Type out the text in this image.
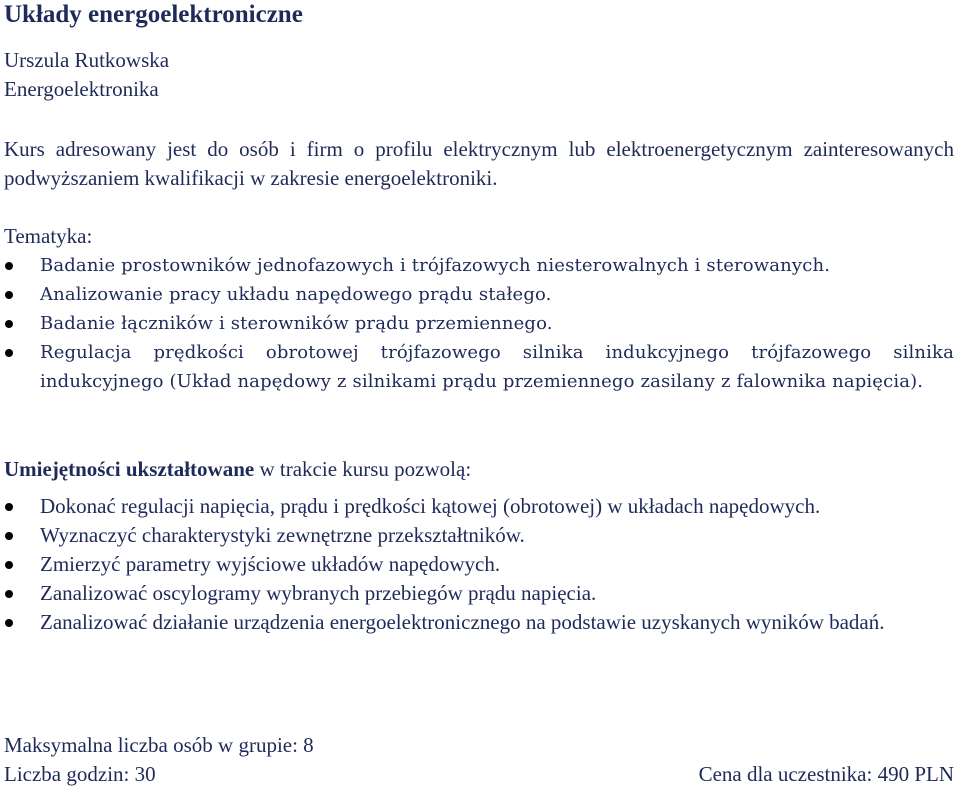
Układy energoelektroniczne
Urszula Rutkowska
Energoelektronika

Kurs adresowany jest do osób i firm o profilu elektrycznym lub elektroenergetycznym zainteresowanych podwyższaniem kwalifikacji w zakresie energoelektroniki.

Tematyka:
Badanie prostowników jednofazowych i trójfazowych niesterowalnych i sterowanych.
Analizowanie pracy układu napędowego prądu stałego.
Badanie łączników i sterowników prądu przemiennego.
Regulacja prędkości obrotowej trójfazowego silnika indukcyjnego trójfazowego silnika indukcyjnego (Układ napędowy z silnikami prądu przemiennego zasilany z falownika napięcia).
Umiejętności ukształtowane w trakcie kursu pozwolą:
Dokonać regulacji napięcia, prądu i prędkości kątowej (obrotowej) w układach napędowych.
Wyznaczyć charakterystyki zewnętrzne przekształtników.
Zmierzyć parametry wyjściowe układów napędowych.
Zanalizować oscylogramy wybranych przebiegów prądu napięcia.
Zanalizować działanie urządzenia energoelektronicznego na podstawie uzyskanych wyników badań.
Maksymalna liczba osób w grupie: 8
Liczba godzin: 30	Cena dla uczestnika: 490 PLN
